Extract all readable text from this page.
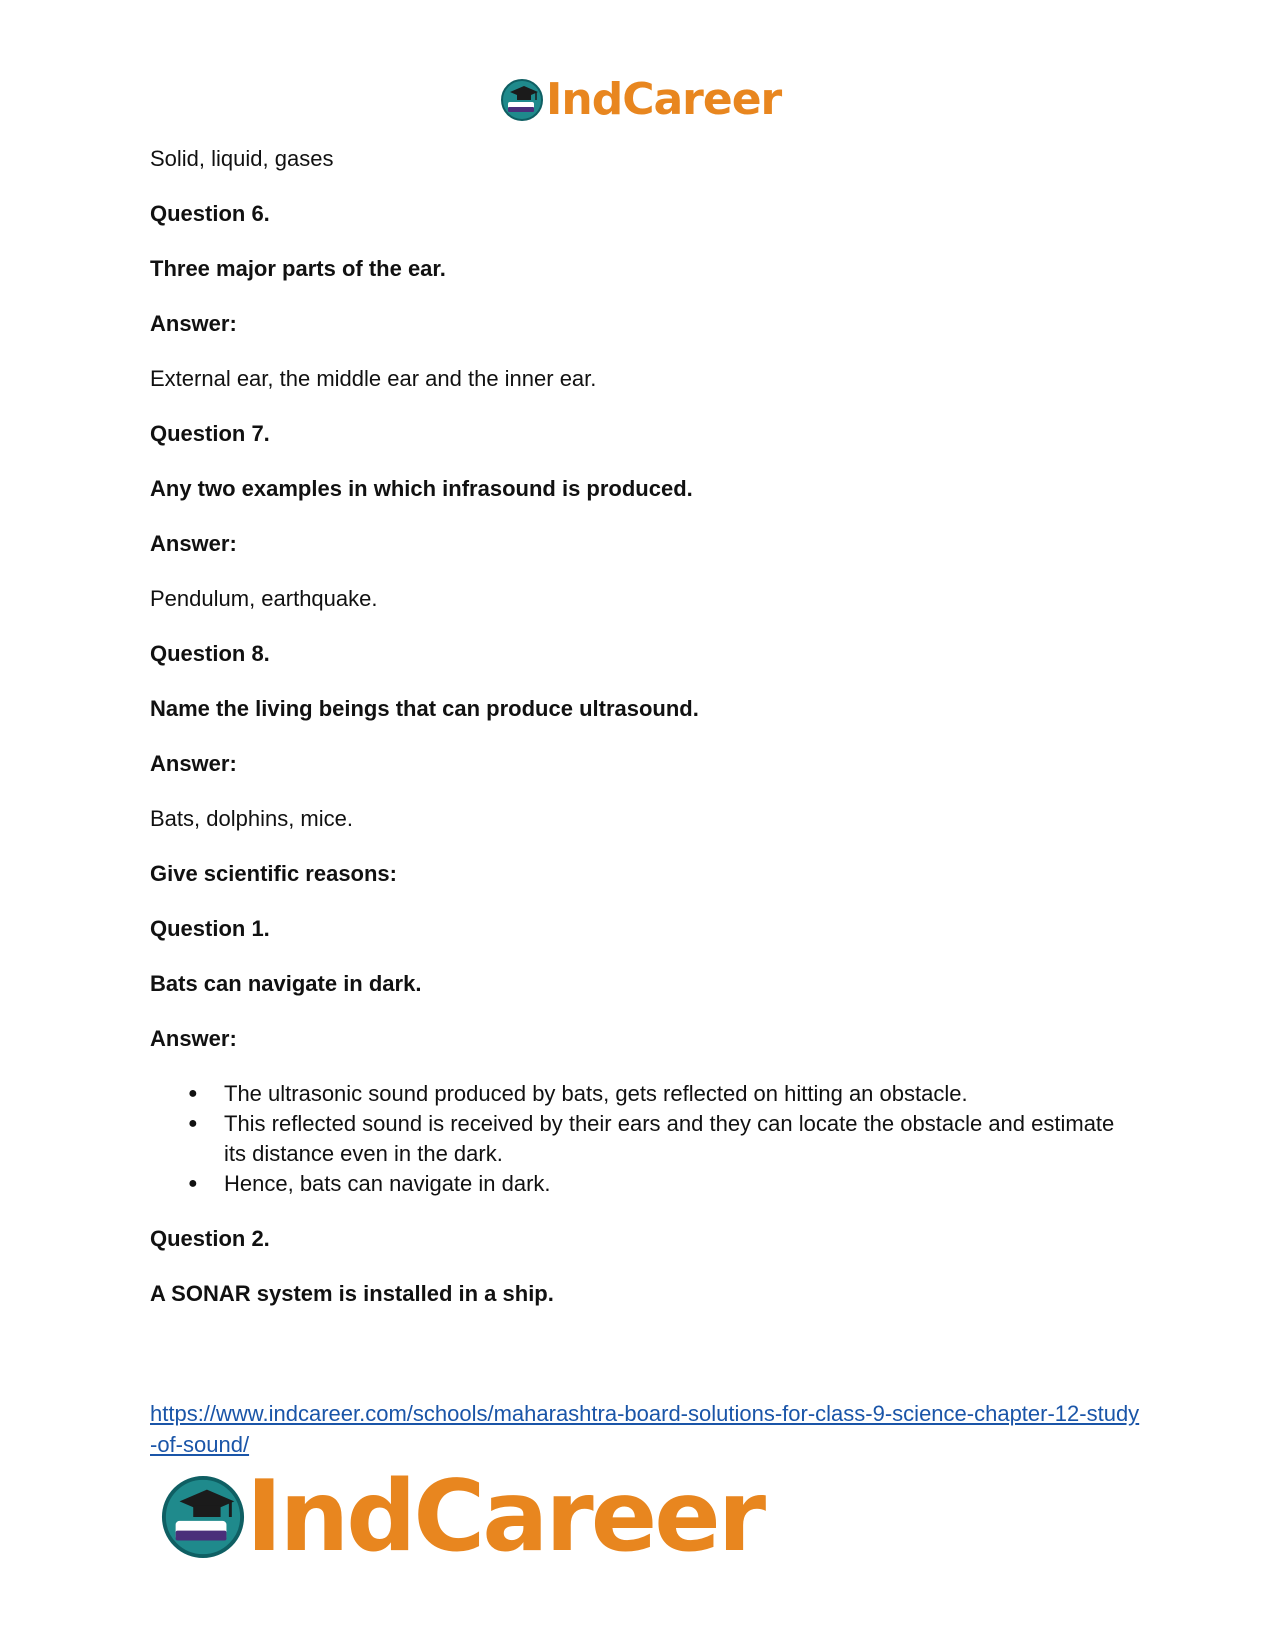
IndCareer

Solid, liquid, gases

Question 6.

Three major parts of the ear.

Answer:

External ear, the middle ear and the inner ear.

Question 7.

Any two examples in which infrasound is produced.

Answer:

Pendulum, earthquake.

Question 8.

Name the living beings that can produce ultrasound.

Answer:

Bats, dolphins, mice.

Give scientific reasons:

Question 1.

Bats can navigate in dark.

Answer:

● The ultrasonic sound produced by bats, gets reflected on hitting an obstacle.
● This reflected sound is received by their ears and they can locate the obstacle and estimate its distance even in the dark.
● Hence, bats can navigate in dark.

Question 2.

A SONAR system is installed in a ship.

https://www.indcareer.com/schools/maharashtra-board-solutions-for-class-9-science-chapter-12-study-of-sound/
IndCareer
